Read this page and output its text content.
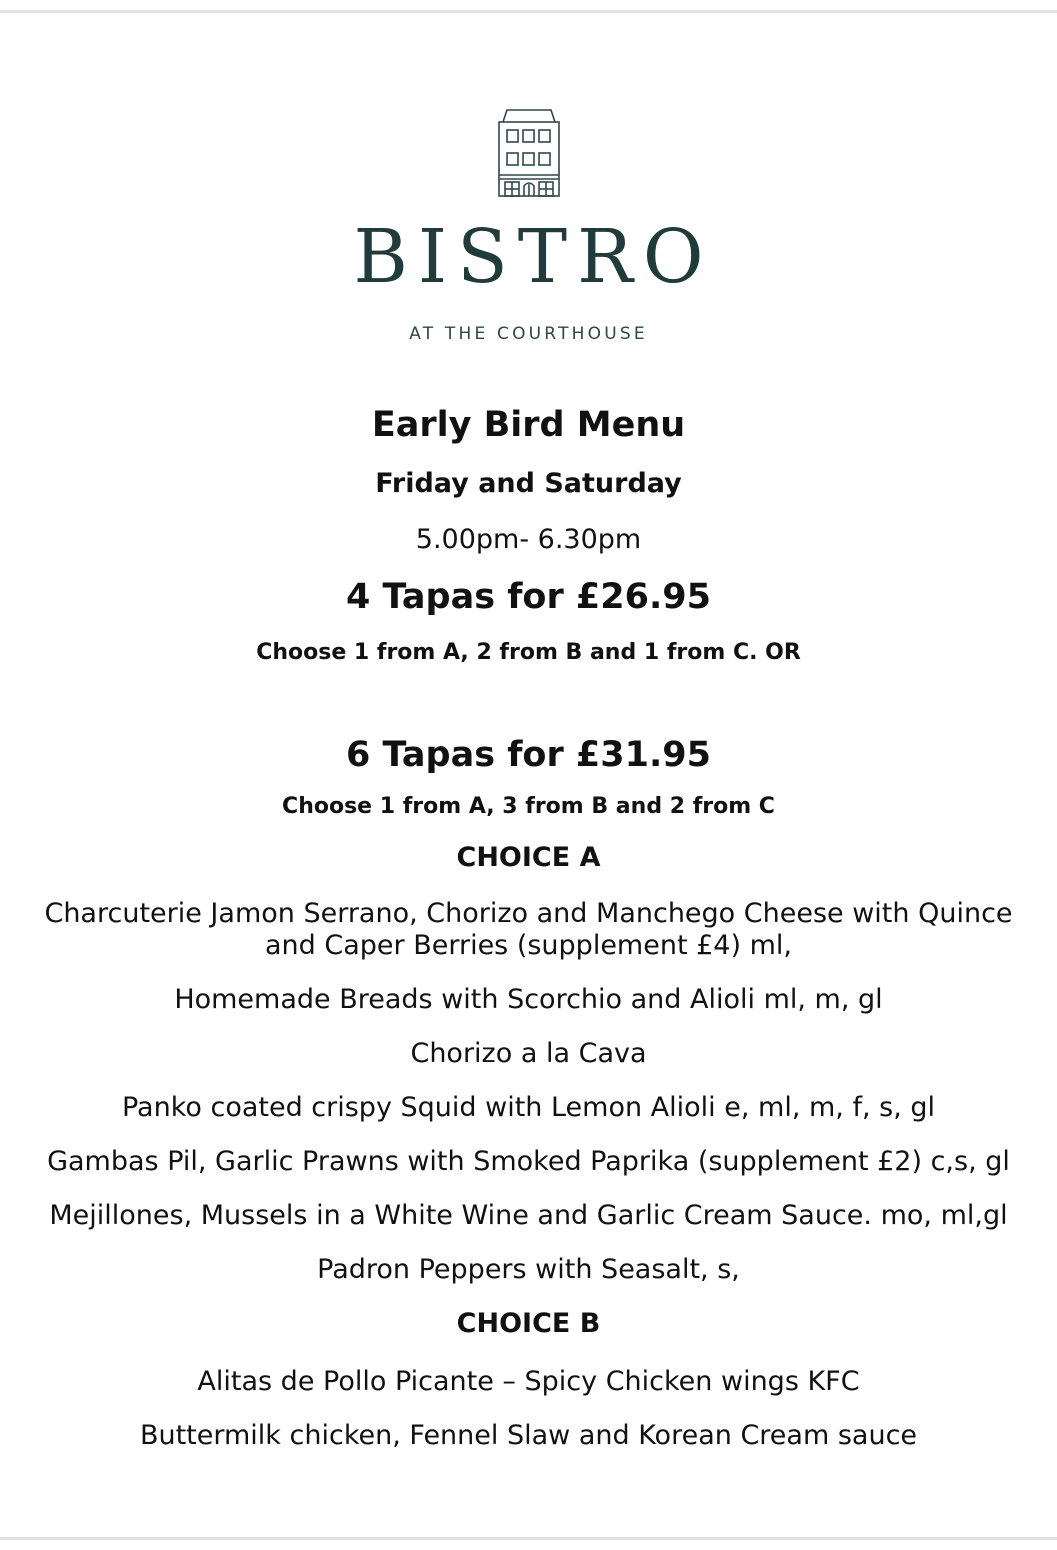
BISTRO
AT THE COURTHOUSE
Early Bird Menu
Friday and Saturday
5.00pm- 6.30pm
4 Tapas for £26.95
Choose 1 from A, 2 from B and 1 from C. OR
6 Tapas for £31.95
Choose 1 from A, 3 from B and 2 from C
CHOICE A
Charcuterie Jamon Serrano, Chorizo and Manchego Cheese with Quince and Caper Berries (supplement £4) ml,
Homemade Breads with Scorchio and Alioli ml, m, gl
Chorizo a la Cava
Panko coated crispy Squid with Lemon Alioli e, ml, m, f, s, gl
Gambas Pil, Garlic Prawns with Smoked Paprika (supplement £2) c,s, gl
Mejillones, Mussels in a White Wine and Garlic Cream Sauce. mo, ml,gl
Padron Peppers with Seasalt, s,
CHOICE B
Alitas de Pollo Picante – Spicy Chicken wings KFC
Buttermilk chicken, Fennel Slaw and Korean Cream sauce
